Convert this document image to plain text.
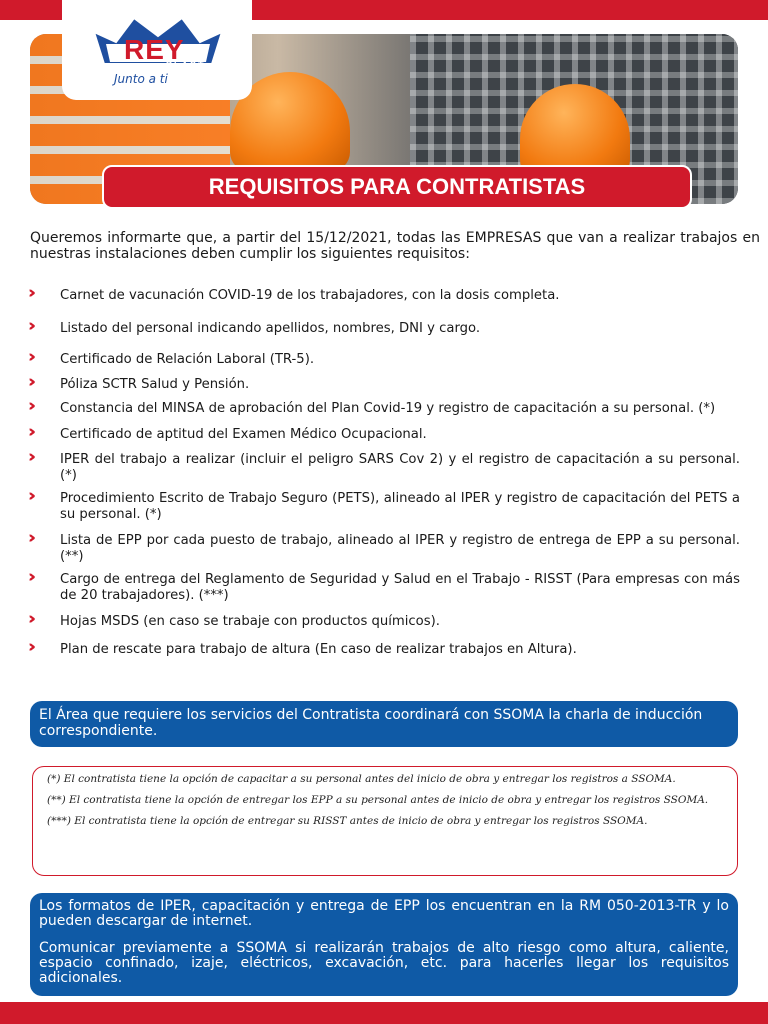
REY
PLAST
Junto a ti
REQUISITOS PARA CONTRATISTAS
Queremos informarte que, a partir del 15/12/2021, todas las EMPRESAS que van a realizar trabajos en nuestras instalaciones deben cumplir los siguientes requisitos:
›› Carnet de vacunación COVID-19 de los trabajadores, con la dosis completa.
›› Listado del personal indicando apellidos, nombres, DNI y cargo.
›› Certificado de Relación Laboral (TR-5).
›› Póliza SCTR Salud y Pensión.
›› Constancia del MINSA de aprobación del Plan Covid-19 y registro de capacitación a su personal. (*)
›› Certificado de aptitud del Examen Médico Ocupacional.
›› IPER del trabajo a realizar (incluir el peligro SARS Cov 2) y el registro de capacitación a su personal. (*)
›› Procedimiento Escrito de Trabajo Seguro (PETS), alineado al IPER y registro de capacitación del PETS a su personal. (*)
›› Lista de EPP por cada puesto de trabajo, alineado al IPER y registro de entrega de EPP a su personal. (**)
›› Cargo de entrega del Reglamento de Seguridad y Salud en el Trabajo - RISST (Para empresas con más de 20 trabajadores). (***)
›› Hojas MSDS (en caso se trabaje con productos químicos).
›› Plan de rescate para trabajo de altura (En caso de realizar trabajos en Altura).
El Área que requiere los servicios del Contratista coordinará con SSOMA la charla de inducción correspondiente.

(*) El contratista tiene la opción de capacitar a su personal antes del inicio de obra y entregar los registros a SSOMA.

(**) El contratista tiene la opción de entregar los EPP a su personal antes de inicio de obra y entregar los registros SSOMA.

(***) El contratista tiene la opción de entregar su RISST antes de inicio de obra y entregar los registros SSOMA.

Los formatos de IPER, capacitación y entrega de EPP los encuentran en la RM 050-2013-TR y lo pueden descargar de internet.

Comunicar previamente a SSOMA si realizarán trabajos de alto riesgo como altura, caliente, espacio confinado, izaje, eléctricos, excavación, etc. para hacerles llegar los requisitos adicionales.
